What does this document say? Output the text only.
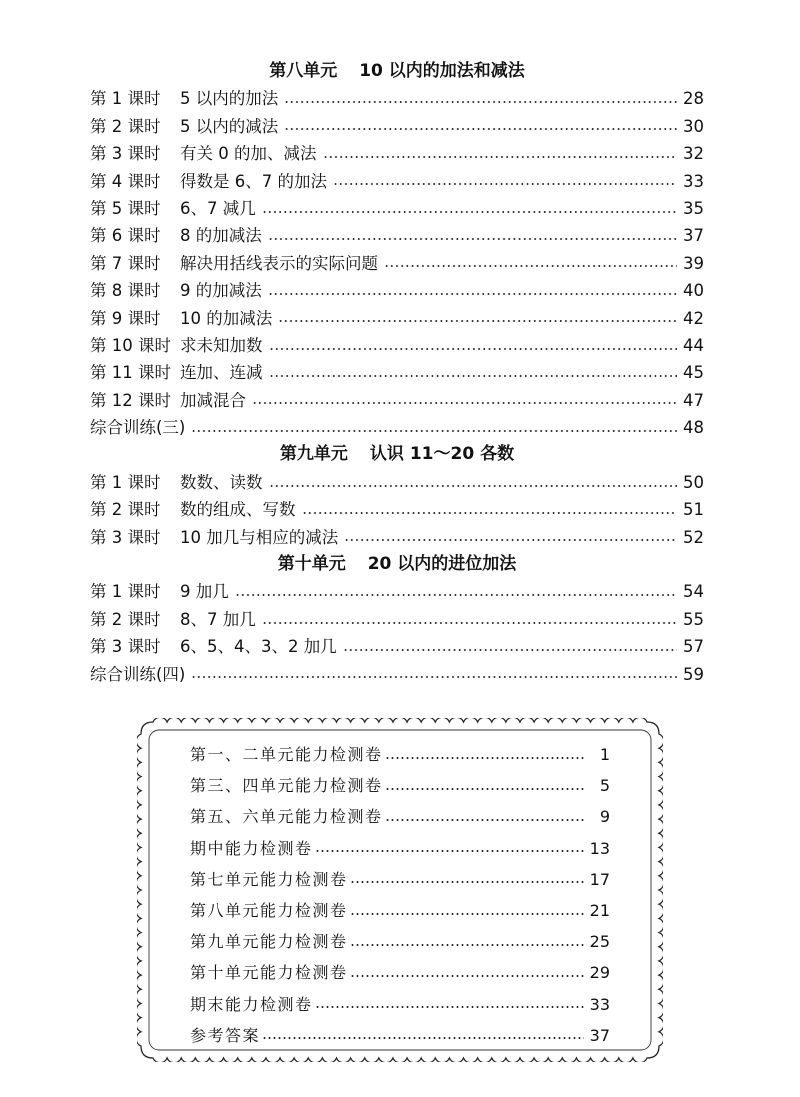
第八单元 10 以内的加法和减法
第 1 课时	5 以内的加法	28
第 2 课时	5 以内的减法	30
第 3 课时	有关 0 的加、减法	32
第 4 课时	得数是 6、7 的加法	33
第 5 课时	6、7 减几	35
第 6 课时	8 的加减法	37
第 7 课时	解决用括线表示的实际问题	39
第 8 课时	9 的加减法	40
第 9 课时	10 的加减法	42
第 10 课时 求未知加数	44
第 11 课时 连加、连减	45
第 12 课时 加减混合	47
综合训练(三)	48
第九单元 认识 11～20 各数
第 1 课时	数数、读数	50
第 2 课时	数的组成、写数	51
第 3 课时	10 加几与相应的减法	52
第十单元 20 以内的进位加法
第 1 课时	9 加几	54
第 2 课时	8、7 加几	55
第 3 课时	6、5、4、3、2 加几	57
综合训练(四)	59
第一、二单元能力检测卷	1
第三、四单元能力检测卷	5
第五、六单元能力检测卷	9
期中能力检测卷	13
第七单元能力检测卷	17
第八单元能力检测卷	21
第九单元能力检测卷	25
第十单元能力检测卷	29
期末能力检测卷	33
参考答案	37
